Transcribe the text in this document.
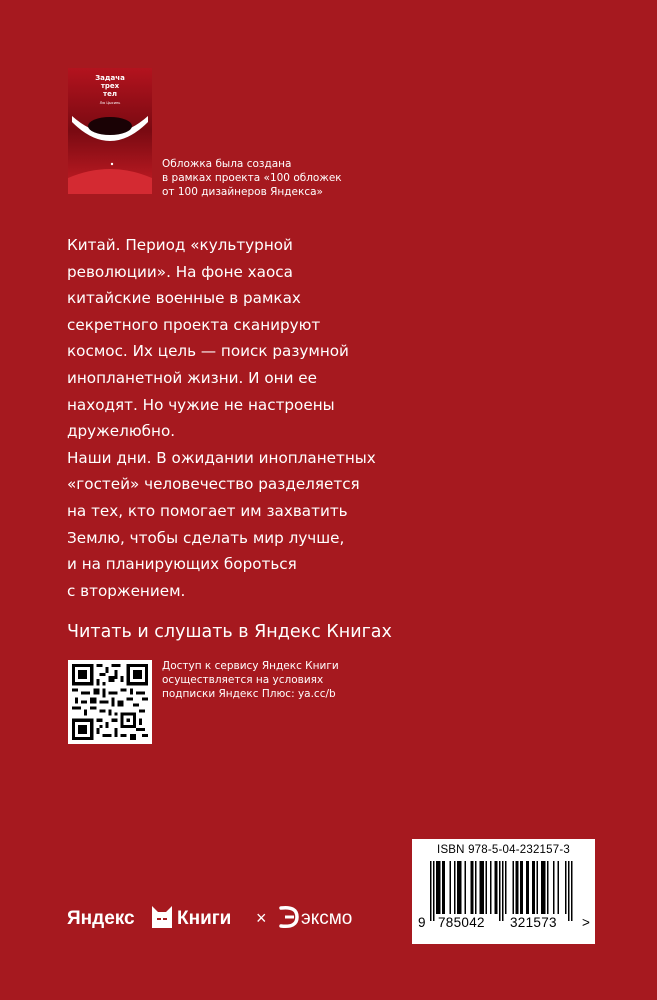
Задача
трех
тел
Лю Цысинь
Обложка была создана
в рамках проекта «100 обложек
от 100 дизайнеров Яндекса»
Китай. Период «культурной
революции». На фоне хаоса
китайские военные в рамках
секретного проекта сканируют
космос. Их цель — поиск разумной
инопланетной жизни. И они ее
находят. Но чужие не настроены
дружелюбно.
Наши дни. В ожидании инопланетных
«гостей» человечество разделяется
на тех, кто помогает им захватить
Землю, чтобы сделать мир лучше,
и на планирующих бороться
с вторжением.
Читать и слушать в Яндекс Книгах
Доступ к сервису Яндекс Книги
осуществляется на условиях
подписки Яндекс Плюс: ya.cc/b
ISBN 978-5-04-232157-3
9 785042 321573 >
Яндекс Книги × эксмо
